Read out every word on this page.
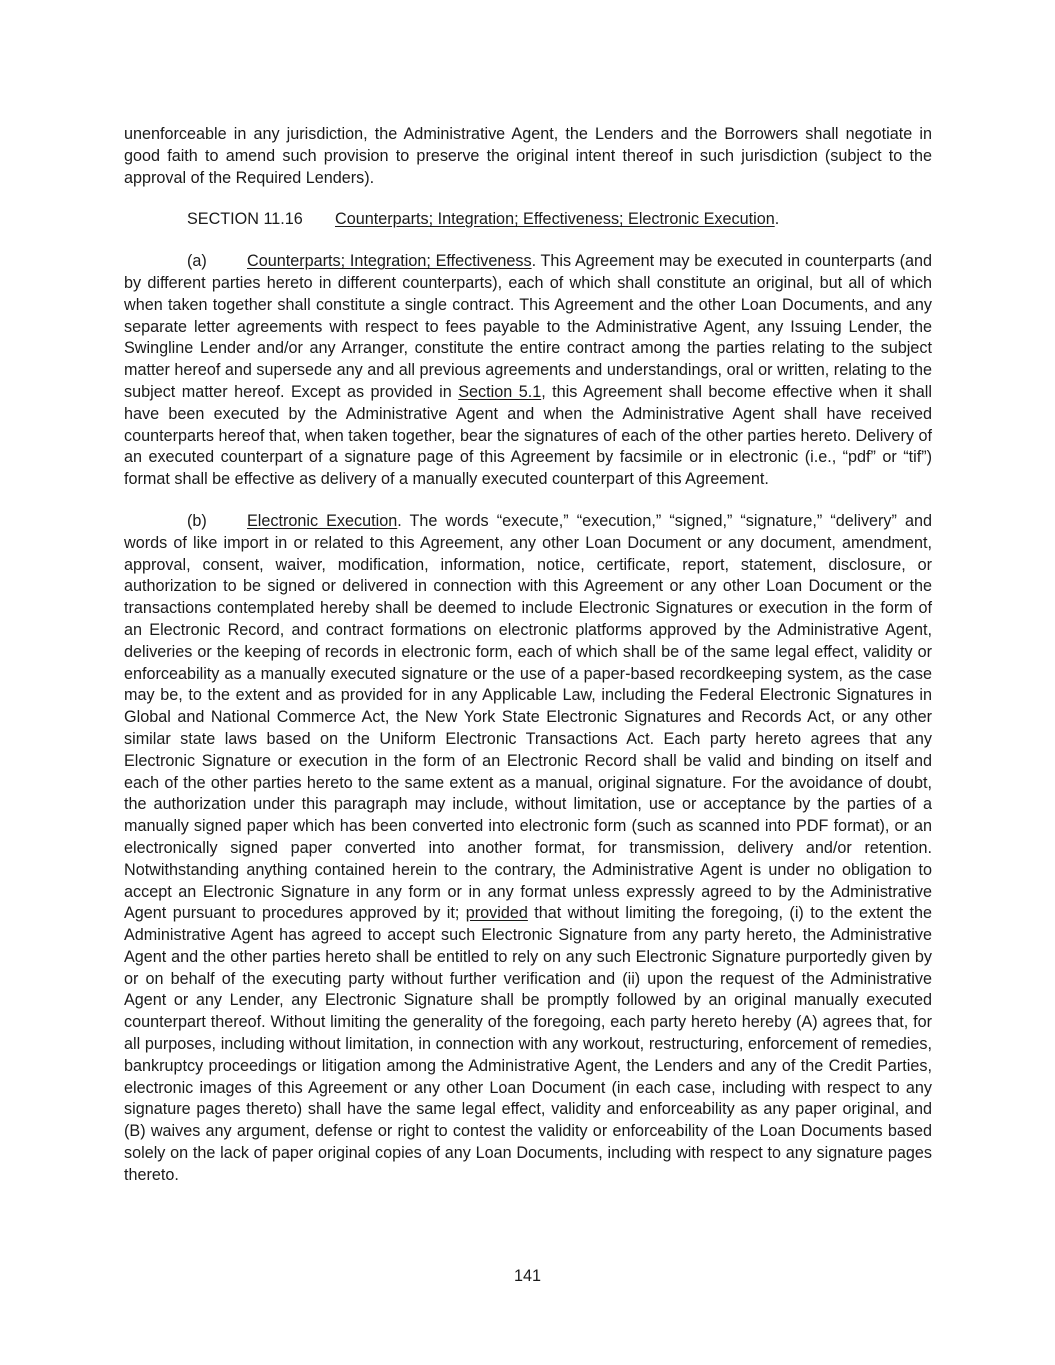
unenforceable in any jurisdiction, the Administrative Agent, the Lenders and the Borrowers shall negotiate in good faith to amend such provision to preserve the original intent thereof in such jurisdiction (subject to the approval of the Required Lenders).

SECTION 11.16 Counterparts; Integration; Effectiveness; Electronic Execution.

(a) Counterparts; Integration; Effectiveness. This Agreement may be executed in counterparts (and by different parties hereto in different counterparts), each of which shall constitute an original, but all of which when taken together shall constitute a single contract. This Agreement and the other Loan Documents, and any separate letter agreements with respect to fees payable to the Administrative Agent, any Issuing Lender, the Swingline Lender and/or any Arranger, constitute the entire contract among the parties relating to the subject matter hereof and supersede any and all previous agreements and understandings, oral or written, relating to the subject matter hereof. Except as provided in Section 5.1, this Agreement shall become effective when it shall have been executed by the Administrative Agent and when the Administrative Agent shall have received counterparts hereof that, when taken together, bear the signatures of each of the other parties hereto. Delivery of an executed counterpart of a signature page of this Agreement by facsimile or in electronic (i.e., “pdf” or “tif”) format shall be effective as delivery of a manually executed counterpart of this Agreement.

(b) Electronic Execution. The words “execute,” “execution,” “signed,” “signature,” “delivery” and words of like import in or related to this Agreement, any other Loan Document or any document, amendment, approval, consent, waiver, modification, information, notice, certificate, report, statement, disclosure, or authorization to be signed or delivered in connection with this Agreement or any other Loan Document or the transactions contemplated hereby shall be deemed to include Electronic Signatures or execution in the form of an Electronic Record, and contract formations on electronic platforms approved by the Administrative Agent, deliveries or the keeping of records in electronic form, each of which shall be of the same legal effect, validity or enforceability as a manually executed signature or the use of a paper-based recordkeeping system, as the case may be, to the extent and as provided for in any Applicable Law, including the Federal Electronic Signatures in Global and National Commerce Act, the New York State Electronic Signatures and Records Act, or any other similar state laws based on the Uniform Electronic Transactions Act. Each party hereto agrees that any Electronic Signature or execution in the form of an Electronic Record shall be valid and binding on itself and each of the other parties hereto to the same extent as a manual, original signature. For the avoidance of doubt, the authorization under this paragraph may include, without limitation, use or acceptance by the parties of a manually signed paper which has been converted into electronic form (such as scanned into PDF format), or an electronically signed paper converted into another format, for transmission, delivery and/or retention. Notwithstanding anything contained herein to the contrary, the Administrative Agent is under no obligation to accept an Electronic Signature in any form or in any format unless expressly agreed to by the Administrative Agent pursuant to procedures approved by it; provided that without limiting the foregoing, (i) to the extent the Administrative Agent has agreed to accept such Electronic Signature from any party hereto, the Administrative Agent and the other parties hereto shall be entitled to rely on any such Electronic Signature purportedly given by or on behalf of the executing party without further verification and (ii) upon the request of the Administrative Agent or any Lender, any Electronic Signature shall be promptly followed by an original manually executed counterpart thereof. Without limiting the generality of the foregoing, each party hereto hereby (A) agrees that, for all purposes, including without limitation, in connection with any workout, restructuring, enforcement of remedies, bankruptcy proceedings or litigation among the Administrative Agent, the Lenders and any of the Credit Parties, electronic images of this Agreement or any other Loan Document (in each case, including with respect to any signature pages thereto) shall have the same legal effect, validity and enforceability as any paper original, and (B) waives any argument, defense or right to contest the validity or enforceability of the Loan Documents based solely on the lack of paper original copies of any Loan Documents, including with respect to any signature pages thereto.

141
